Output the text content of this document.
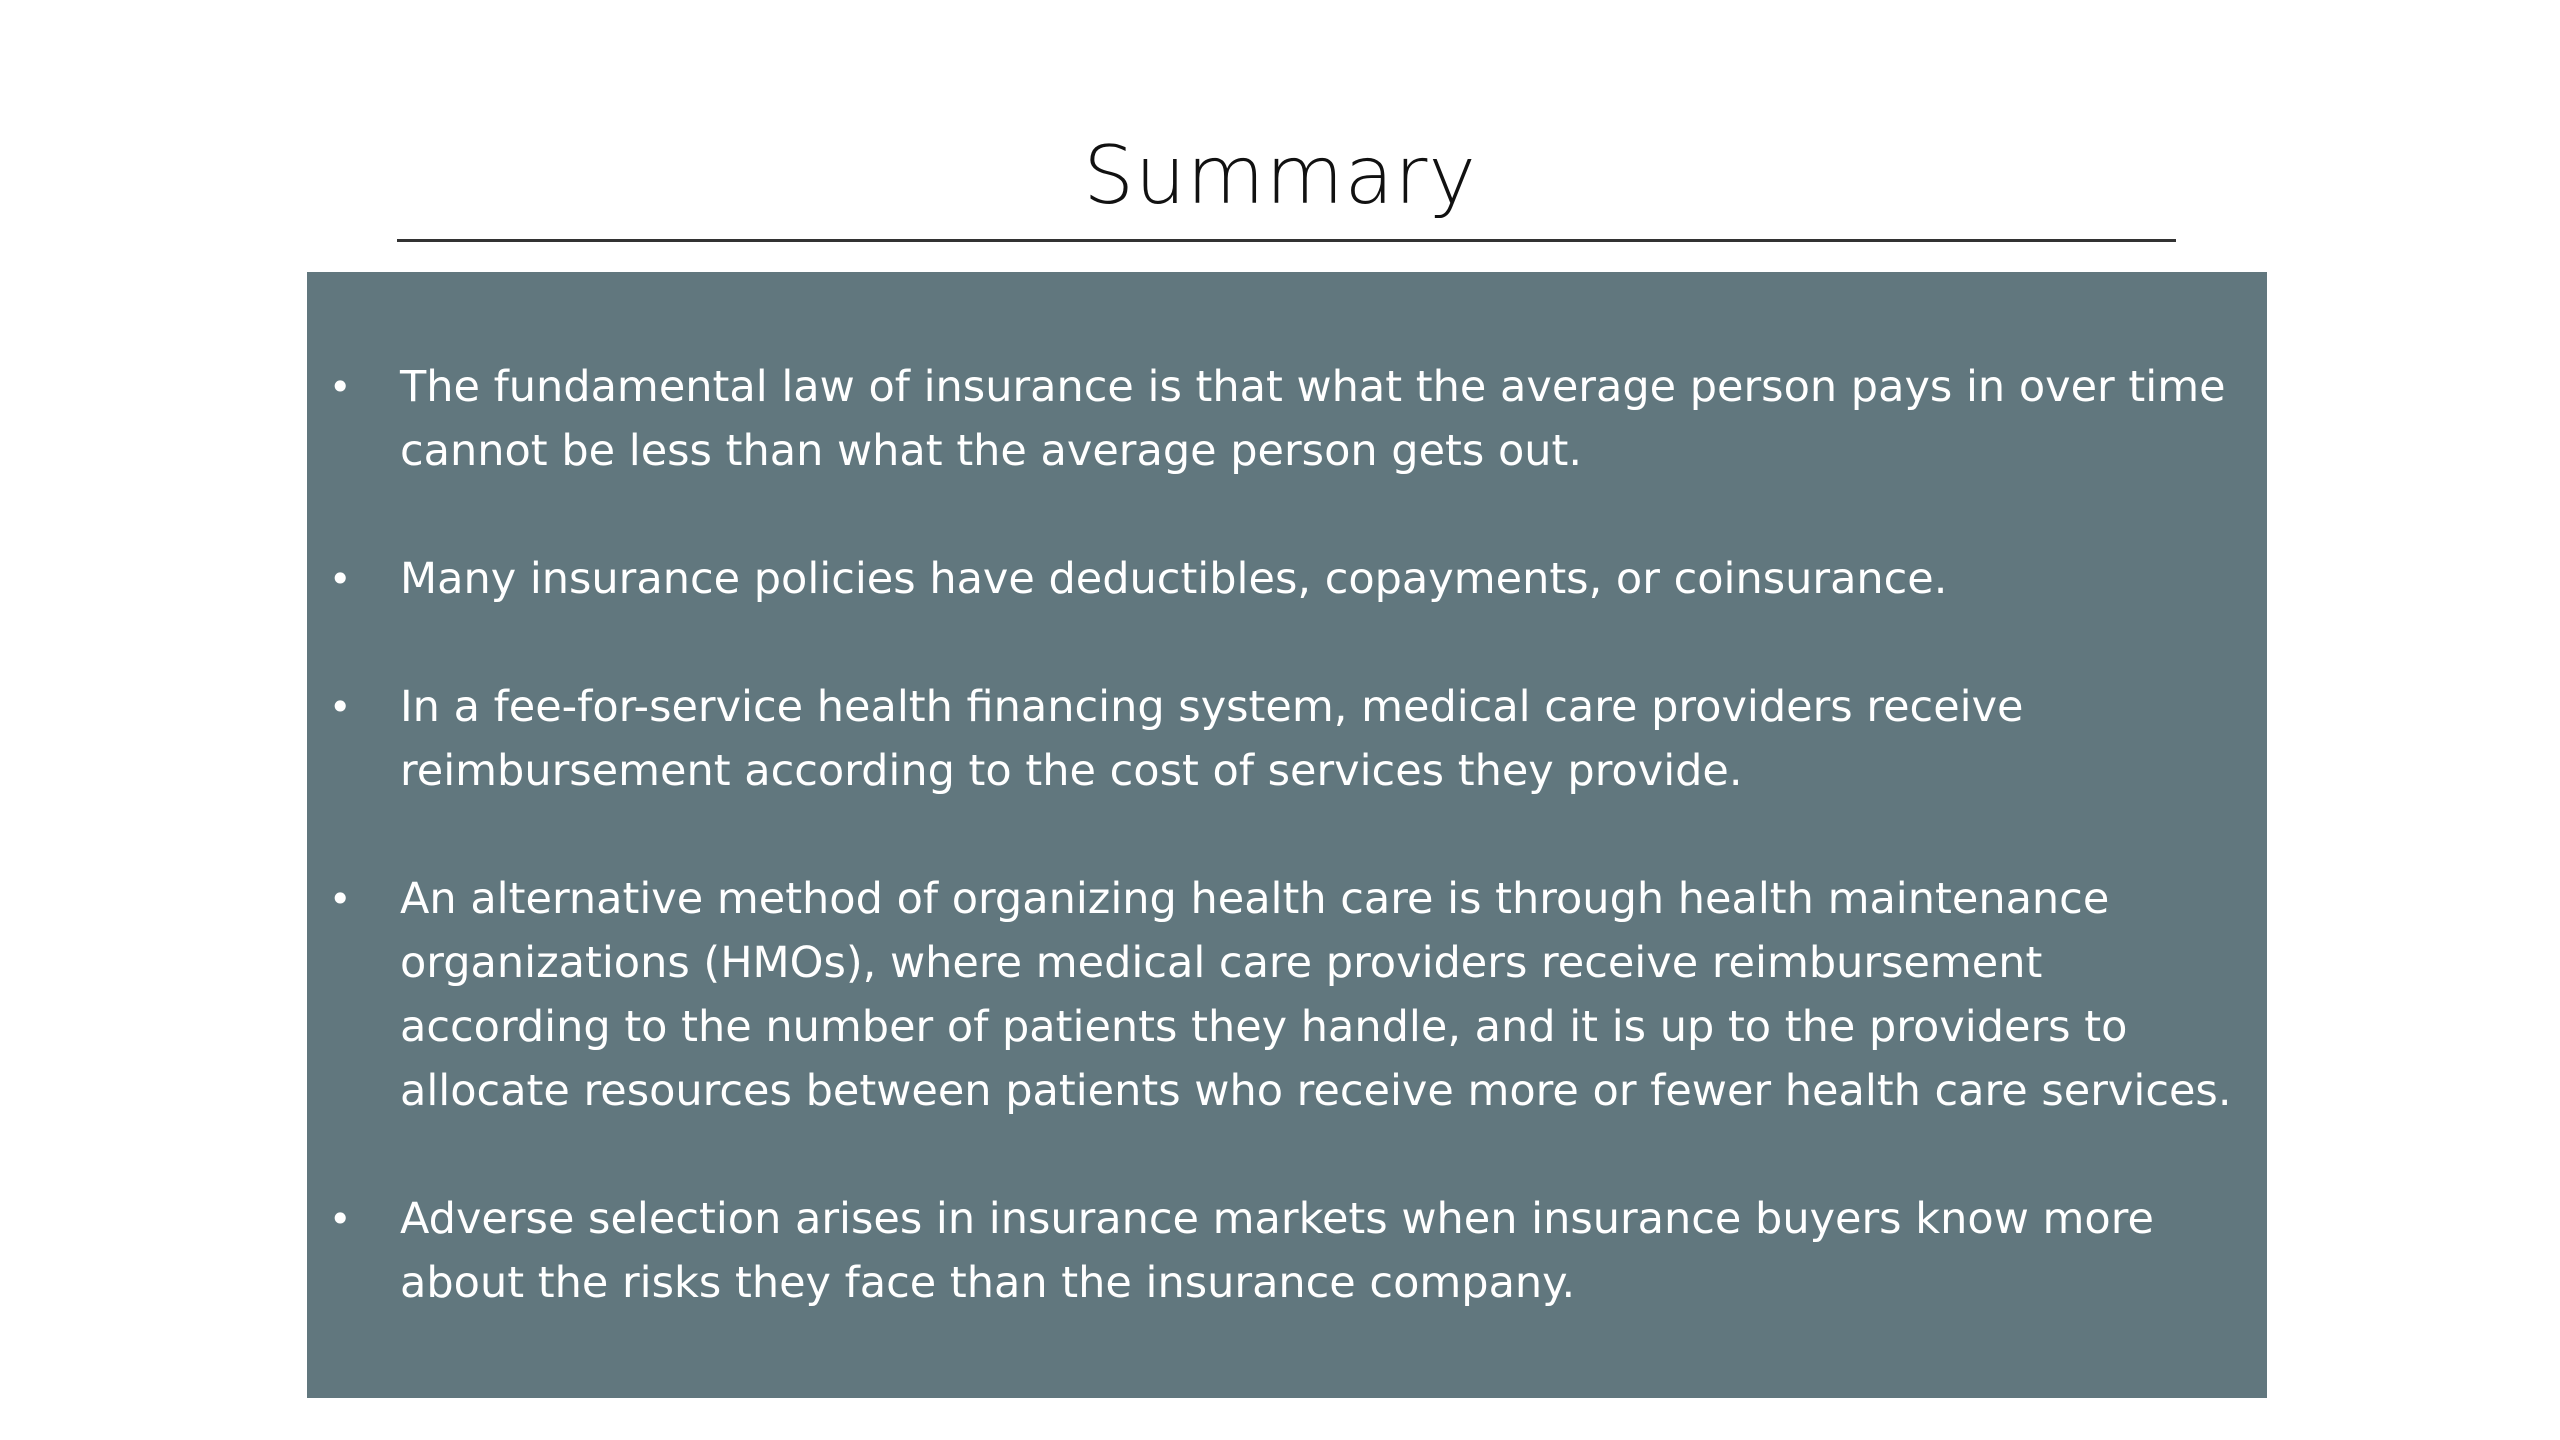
Summary
• The fundamental law of insurance is that what the average person pays in over time
cannot be less than what the average person gets out.
• Many insurance policies have deductibles, copayments, or coinsurance.
• In a fee-for-service health financing system, medical care providers receive
reimbursement according to the cost of services they provide.
• An alternative method of organizing health care is through health maintenance
organizations (HMOs), where medical care providers receive reimbursement
according to the number of patients they handle, and it is up to the providers to
allocate resources between patients who receive more or fewer health care services.
• Adverse selection arises in insurance markets when insurance buyers know more
about the risks they face than the insurance company.
